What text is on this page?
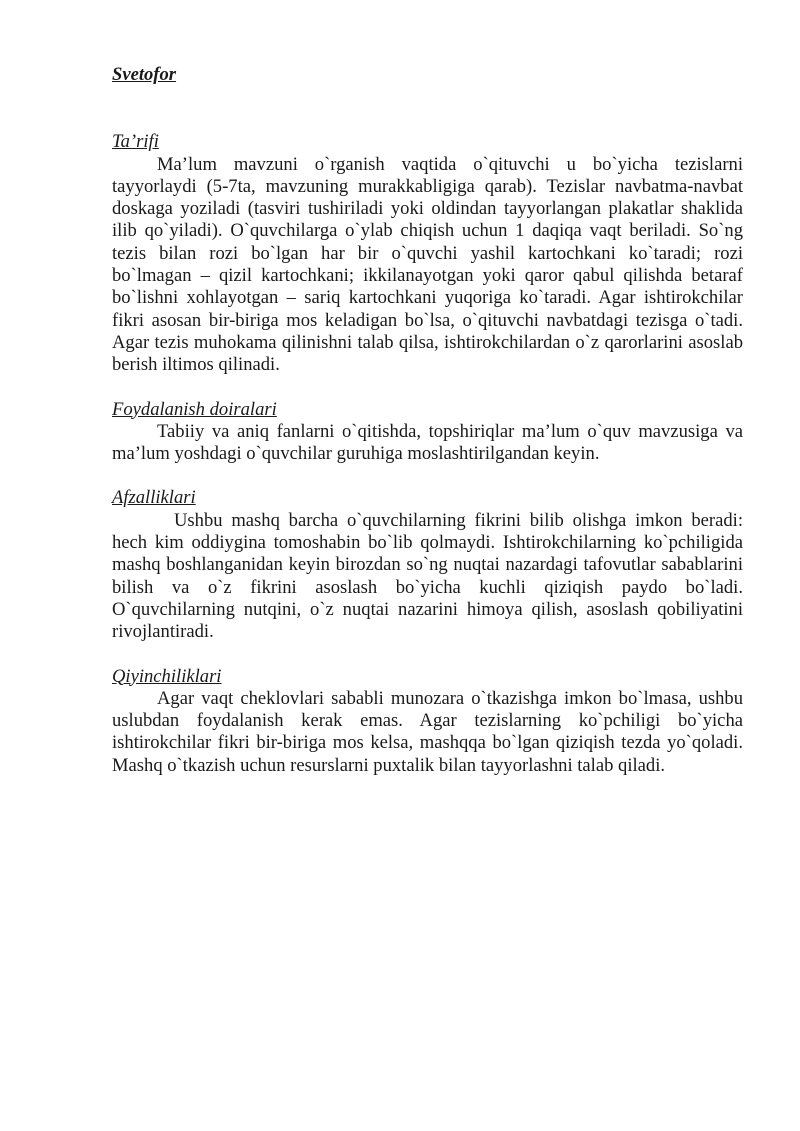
Svetofor
Ta’rifi

Ma’lum mavzuni o`rganish vaqtida o`qituvchi u bo`yicha tezislarni tayyorlaydi (5-7ta, mavzuning murakkabligiga qarab). Tezislar navbatma-navbat doskaga yoziladi (tasviri tushiriladi yoki oldindan tayyorlangan plakatlar shaklida ilib qo`yiladi). O`quvchilarga o`ylab chiqish uchun 1 daqiqa vaqt beriladi. So`ng tezis bilan rozi bo`lgan har bir o`quvchi yashil kartochkani ko`taradi; rozi bo`lmagan – qizil kartochkani; ikkilanayotgan yoki qaror qabul qilishda betaraf bo`lishni xohlayotgan – sariq kartochkani yuqoriga ko`taradi. Agar ishtirokchilar fikri asosan bir-biriga mos keladigan bo`lsa, o`qituvchi navbatdagi tezisga o`tadi. Agar tezis muhokama qilinishni talab qilsa, ishtirokchilardan o`z qarorlarini asoslab berish iltimos qilinadi.

Foydalanish doiralari

Tabiiy va aniq fanlarni o`qitishda, topshiriqlar ma’lum o`quv mavzusiga va ma’lum yoshdagi o`quvchilar guruhiga moslashtirilgandan keyin.

Afzalliklari

Ushbu mashq barcha o`quvchilarning fikrini bilib olishga imkon beradi: hech kim oddiygina tomoshabin bo`lib qolmaydi. Ishtirokchilarning ko`pchiligida mashq boshlanganidan keyin birozdan so`ng nuqtai nazardagi tafovutlar sabablarini bilish va o`z fikrini asoslash bo`yicha kuchli qiziqish paydo bo`ladi. O`quvchilarning nutqini, o`z nuqtai nazarini himoya qilish, asoslash qobiliyatini rivojlantiradi.

Qiyinchiliklari

Agar vaqt cheklovlari sababli munozara o`tkazishga imkon bo`lmasa, ushbu uslubdan foydalanish kerak emas. Agar tezislarning ko`pchiligi bo`yicha ishtirokchilar fikri bir-biriga mos kelsa, mashqqa bo`lgan qiziqish tezda yo`qoladi. Mashq o`tkazish uchun resurslarni puxtalik bilan tayyorlashni talab qiladi.
